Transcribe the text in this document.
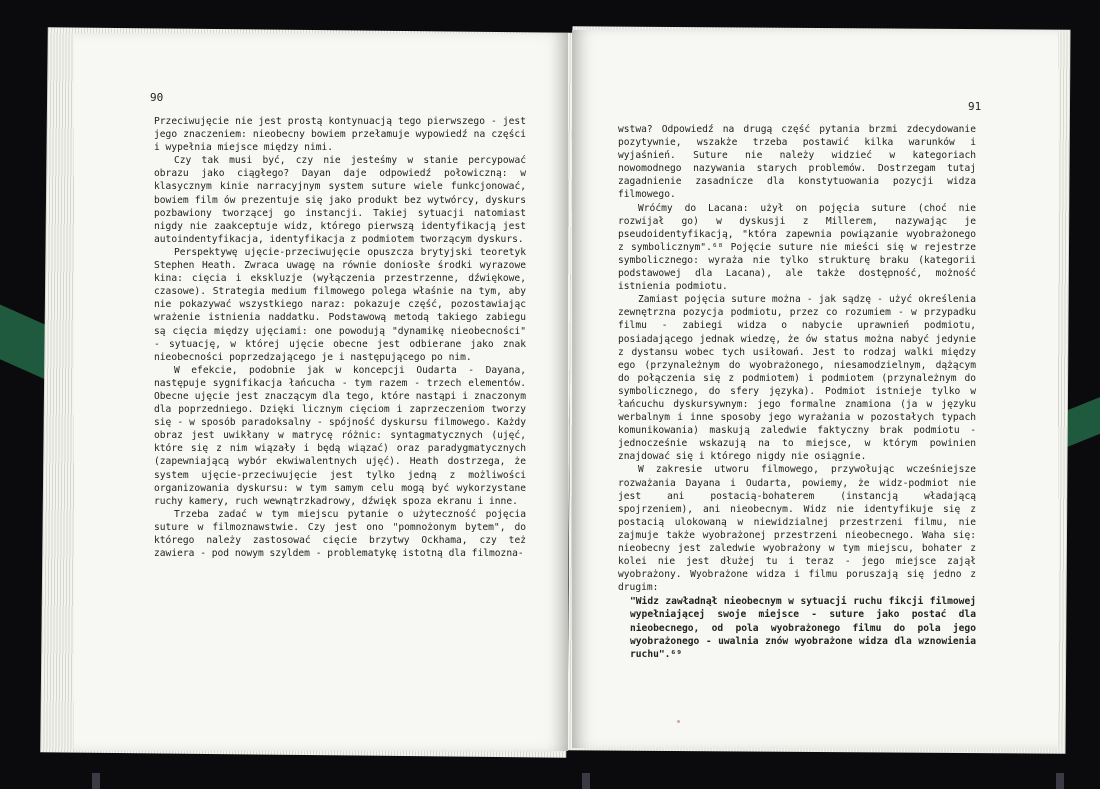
90

Przeciwujęcie nie jest prostą kontynuacją tego pierwszego - jest jego znaczeniem: nieobecny bowiem przełamuje wypowiedź na części i wypełnia miejsce między nimi.

Czy tak musi być, czy nie jesteśmy w stanie percypować obrazu jako ciągłego? Dayan daje odpowiedź połowiczną: w klasycznym kinie narracyjnym system suture wiele funkcjonować, bowiem film ów prezentuje się jako produkt bez wytwórcy, dyskurs pozbawiony tworzącej go instancji. Takiej sytuacji natomiast nigdy nie zaakceptuje widz, którego pierwszą identyfikacją jest autoindentyfikacja, identyfikacja z podmiotem tworzącym dyskurs.

Perspektywę ujęcie-przeciwujęcie opuszcza brytyjski teoretyk Stephen Heath. Zwraca uwagę na równie doniosłe środki wyrazowe kina: cięcia i ekskluzje (wyłączenia przestrzenne, dźwiękowe, czasowe). Strategia medium filmowego polega właśnie na tym, aby nie pokazywać wszystkiego naraz: pokazuje część, pozostawiając wrażenie istnienia naddatku. Podstawową metodą takiego zabiegu są cięcia między ujęciami: one powodują "dynamikę nieobecności" - sytuację, w której ujęcie obecne jest odbierane jako znak nieobecności poprzedzającego je i następującego po nim.

W efekcie, podobnie jak w koncepcji Oudarta - Dayana, następuje sygnifikacja łańcucha - tym razem - trzech elementów. Obecne ujęcie jest znaczącym dla tego, które nastąpi i znaczonym dla poprzedniego. Dzięki licznym cięciom i zaprzeczeniom tworzy się - w sposób paradoksalny - spójność dyskursu filmowego. Każdy obraz jest uwikłany w matrycę różnic: syntagmatycznych (ujęć, które się z nim wiązały i będą wiązać) oraz paradygmatycznych (zapewniającą wybór ekwiwalentnych ujęć). Heath dostrzega, że system ujęcie-przeciwujęcie jest tylko jedną z możliwości organizowania dyskursu: w tym samym celu mogą być wykorzystane ruchy kamery, ruch wewnątrzkadrowy, dźwięk spoza ekranu i inne.

Trzeba zadać w tym miejscu pytanie o użyteczność pojęcia suture w filmoznawstwie. Czy jest ono "pomnożonym bytem", do którego należy zastosować cięcie brzytwy Ockhama, czy też zawiera - pod nowym szyldem - problematykę istotną dla filmozna-

91

wstwa? Odpowiedź na drugą część pytania brzmi zdecydowanie pozytywnie, wszakże trzeba postawić kilka warunków i wyjaśnień. Suture nie należy widzieć w kategoriach nowomodnego nazywania starych problemów. Dostrzegam tutaj zagadnienie zasadnicze dla konstytuowania pozycji widza filmowego.

Wróćmy do Lacana: użył on pojęcia suture (choć nie rozwijał go) w dyskusji z Millerem, nazywając je pseudoidentyfikacją, "która zapewnia powiązanie wyobrażonego z symbolicznym".⁶⁸ Pojęcie suture nie mieści się w rejestrze symbolicznego: wyraża nie tylko strukturę braku (kategorii podstawowej dla Lacana), ale także dostępność, możność istnienia podmiotu.

Zamiast pojęcia suture można - jak sądzę - użyć określenia zewnętrzna pozycja podmiotu, przez co rozumiem - w przypadku filmu - zabiegi widza o nabycie uprawnień podmiotu, posiadającego jednak wiedzę, że ów status można nabyć jedynie z dystansu wobec tych usiłowań. Jest to rodzaj walki między ego (przynależnym do wyobrażonego, niesamodzielnym, dążącym do połączenia się z podmiotem) i podmiotem (przynależnym do symbolicznego, do sfery języka). Podmiot istnieje tylko w łańcuchu dyskursywnym: jego formalne znamiona (ja w języku werbalnym i inne sposoby jego wyrażania w pozostałych typach komunikowania) maskują zaledwie faktyczny brak podmiotu - jednocześnie wskazują na to miejsce, w którym powinien znajdować się i którego nigdy nie osiągnie.

W zakresie utworu filmowego, przywołując wcześniejsze rozważania Dayana i Oudarta, powiemy, że widz-podmiot nie jest ani postacią-bohaterem (instancją władającą spojrzeniem), ani nieobecnym. Widz nie identyfikuje się z postacią ulokowaną w niewidzialnej przestrzeni filmu, nie zajmuje także wyobrażonej przestrzeni nieobecnego. Waha się: nieobecny jest zaledwie wyobrażony w tym miejscu, bohater z kolei nie jest dłużej tu i teraz - jego miejsce zajął wyobrażony. Wyobrażone widza i filmu poruszają się jedno z drugim:

"Widz zawładnął nieobecnym w sytuacji ruchu fikcji filmowej wypełniającej swoje miejsce - suture jako postać dla nieobecnego, od pola wyobrażonego filmu do pola jego wyobrażonego - uwalnia znów wyobrażone widza dla wznowienia ruchu".⁶⁹
